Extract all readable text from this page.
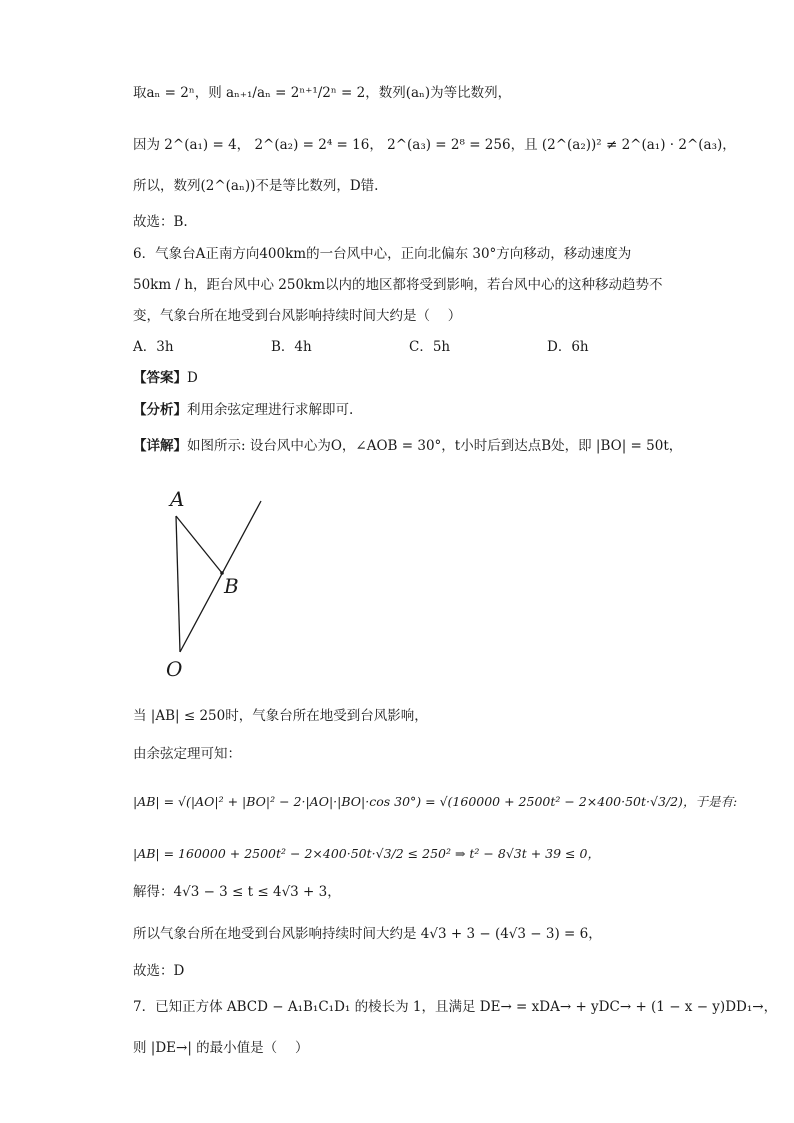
取aₙ = 2ⁿ，则 aₙ₊₁/aₙ = 2ⁿ⁺¹/2ⁿ = 2，数列(aₙ)为等比数列，
因为 2^(a₁) = 4， 2^(a₂) = 2⁴ = 16， 2^(a₃) = 2⁸ = 256，且 (2^(a₂))² ≠ 2^(a₁) · 2^(a₃)，
所以，数列(2^(aₙ))不是等比数列，D错.
故选：B.
6．气象台A正南方向400km的一台风中心，正向北偏东 30°方向移动，移动速度为
50km / h，距台风中心 250km以内的地区都将受到影响，若台风中心的这种移动趋势不
变，气象台所在地受到台风影响持续时间大约是（　 ）
A．3h	B．4h	C．5h	D．6h
【答案】D
【分析】利用余弦定理进行求解即可.
【详解】如图所示: 设台风中心为O，∠AOB = 30°，t小时后到达点B处，即 |BO| = 50t，
A
B
O
当 |AB| ≤ 250时，气象台所在地受到台风影响，
由余弦定理可知：
|AB| = √(|AO|² + |BO|² − 2·|AO|·|BO|·cos 30°) = √(160000 + 2500t² − 2×400·50t·√3/2)，于是有:
|AB| = 160000 + 2500t² − 2×400·50t·√3/2 ≤ 250² ⇒ t² − 8√3t + 39 ≤ 0，
解得：4√3 − 3 ≤ t ≤ 4√3 + 3，
所以气象台所在地受到台风影响持续时间大约是 4√3 + 3 − (4√3 − 3) = 6，
故选：D
7．已知正方体 ABCD − A₁B₁C₁D₁ 的棱长为 1，且满足 DE→ = xDA→ + yDC→ + (1 − x − y)DD₁→，
则 |DE→| 的最小值是（　 ）
